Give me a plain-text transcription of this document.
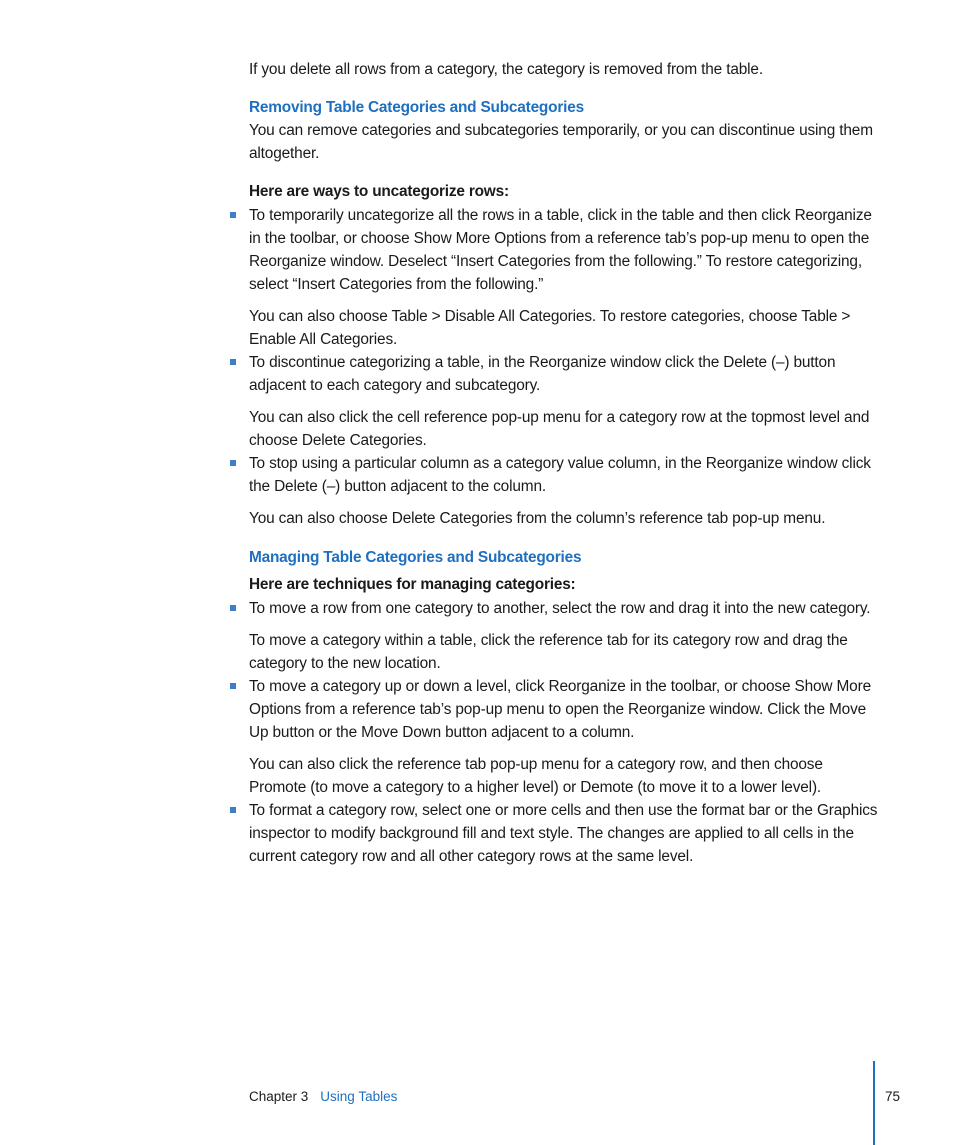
If you delete all rows from a category, the category is removed from the table.

Removing Table Categories and Subcategories

You can remove categories and subcategories temporarily, or you can discontinue using them altogether.

Here are ways to uncategorize rows:

To temporarily uncategorize all the rows in a table, click in the table and then click Reorganize in the toolbar, or choose Show More Options from a reference tab’s pop-up menu to open the Reorganize window. Deselect “Insert Categories from the following.” To restore categorizing, select “Insert Categories from the following.”

You can also choose Table > Disable All Categories. To restore categories, choose Table > Enable All Categories.

To discontinue categorizing a table, in the Reorganize window click the Delete (–) button adjacent to each category and subcategory.

You can also click the cell reference pop-up menu for a category row at the topmost level and choose Delete Categories.

To stop using a particular column as a category value column, in the Reorganize window click the Delete (–) button adjacent to the column.

You can also choose Delete Categories from the column’s reference tab pop-up menu.

Managing Table Categories and Subcategories

Here are techniques for managing categories:

To move a row from one category to another, select the row and drag it into the new category.

To move a category within a table, click the reference tab for its category row and drag the category to the new location.

To move a category up or down a level, click Reorganize in the toolbar, or choose Show More Options from a reference tab’s pop-up menu to open the Reorganize window. Click the Move Up button or the Move Down button adjacent to a column.

You can also click the reference tab pop-up menu for a category row, and then choose Promote (to move a category to a higher level) or Demote (to move it to a lower level).

To format a category row, select one or more cells and then use the format bar or the Graphics inspector to modify background fill and text style. The changes are applied to all cells in the current category row and all other category rows at the same level.

Chapter 3 Using Tables	75
